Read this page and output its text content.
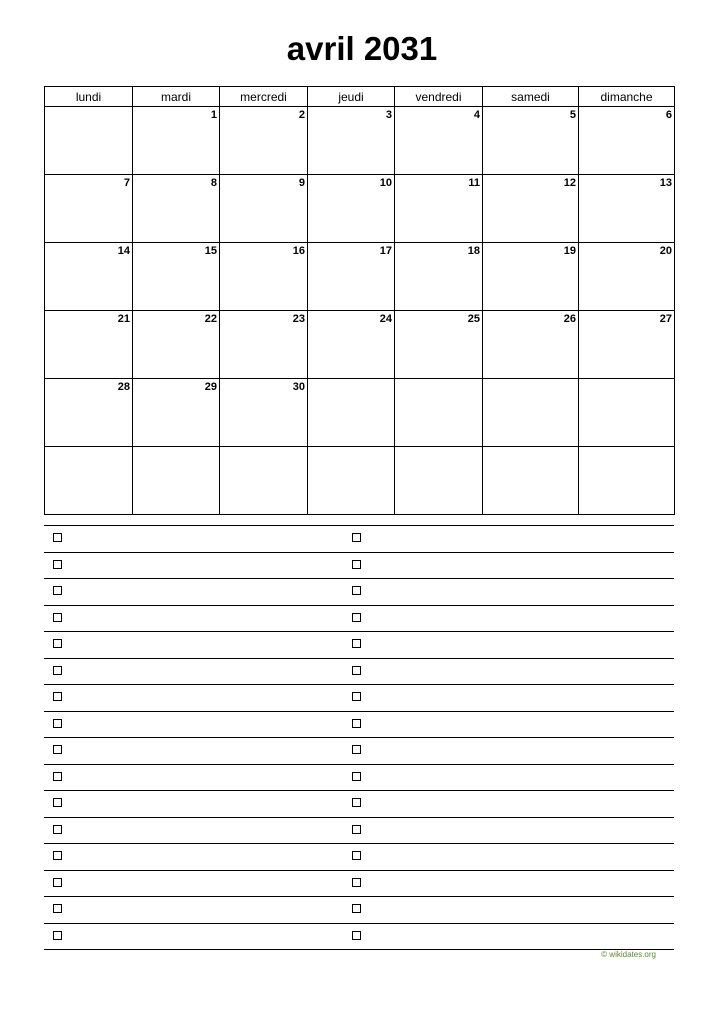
avril 2031
lundi	mardi	mercredi	jeudi	vendredi	samedi	dimanche

	1	2	3	4	5	6

7	8	9	10	11	12	13

14	15	16	17	18	19	20

21	22	23	24	25	26	27

28	29	30				

© wikidates.org
